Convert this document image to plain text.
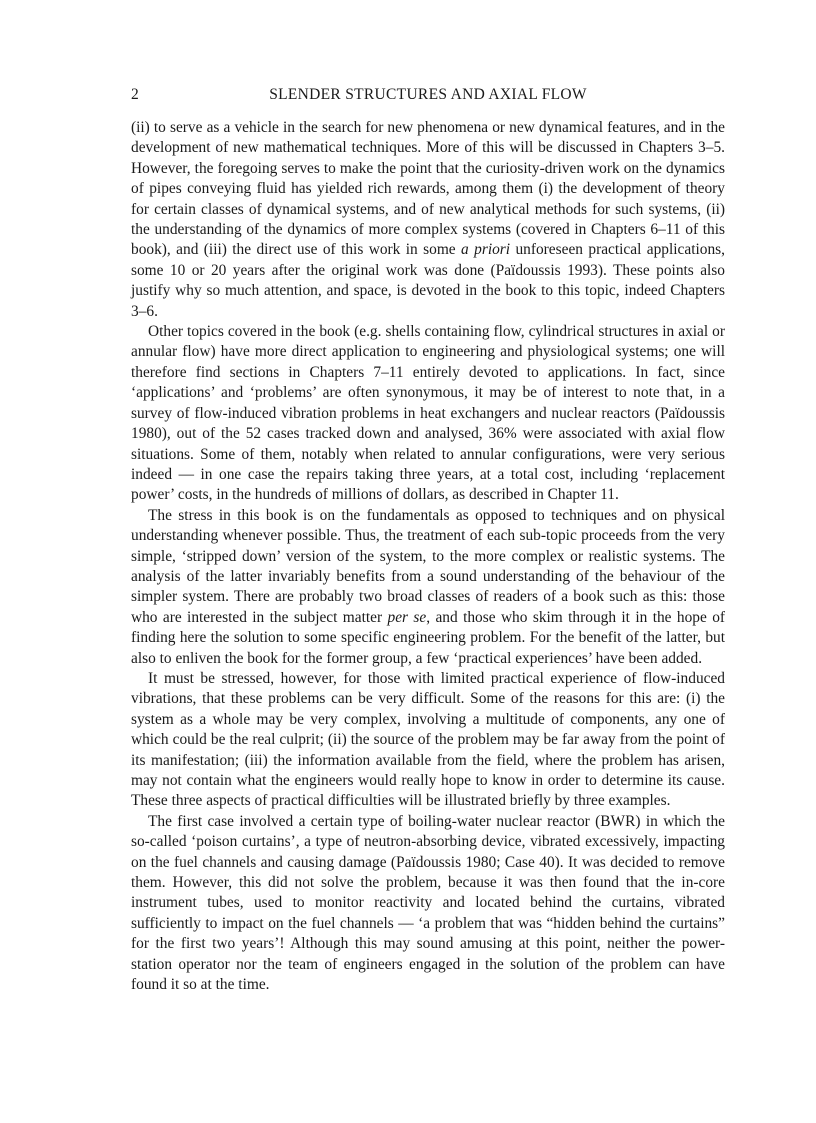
2	SLENDER STRUCTURES AND AXIAL FLOW

(ii) to serve as a vehicle in the search for new phenomena or new dynamical features, and in the development of new mathematical techniques. More of this will be discussed in Chapters 3–5. However, the foregoing serves to make the point that the curiosity-driven work on the dynamics of pipes conveying fluid has yielded rich rewards, among them (i) the development of theory for certain classes of dynamical systems, and of new analytical methods for such systems, (ii) the understanding of the dynamics of more complex systems (covered in Chapters 6–11 of this book), and (iii) the direct use of this work in some a priori unforeseen practical applications, some 10 or 20 years after the original work was done (Païdoussis 1993). These points also justify why so much attention, and space, is devoted in the book to this topic, indeed Chapters 3–6.

Other topics covered in the book (e.g. shells containing flow, cylindrical structures in axial or annular flow) have more direct application to engineering and physiological systems; one will therefore find sections in Chapters 7–11 entirely devoted to applications. In fact, since ‘applications’ and ‘problems’ are often synonymous, it may be of interest to note that, in a survey of flow-induced vibration problems in heat exchangers and nuclear reactors (Païdoussis 1980), out of the 52 cases tracked down and analysed, 36% were associated with axial flow situations. Some of them, notably when related to annular configurations, were very serious indeed — in one case the repairs taking three years, at a total cost, including ‘replacement power’ costs, in the hundreds of millions of dollars, as described in Chapter 11.

The stress in this book is on the fundamentals as opposed to techniques and on physical understanding whenever possible. Thus, the treatment of each sub-topic proceeds from the very simple, ‘stripped down’ version of the system, to the more complex or realistic systems. The analysis of the latter invariably benefits from a sound understanding of the behaviour of the simpler system. There are probably two broad classes of readers of a book such as this: those who are interested in the subject matter per se, and those who skim through it in the hope of finding here the solution to some specific engineering problem. For the benefit of the latter, but also to enliven the book for the former group, a few ‘practical experiences’ have been added.

It must be stressed, however, for those with limited practical experience of flow-induced vibrations, that these problems can be very difficult. Some of the reasons for this are: (i) the system as a whole may be very complex, involving a multitude of components, any one of which could be the real culprit; (ii) the source of the problem may be far away from the point of its manifestation; (iii) the information available from the field, where the problem has arisen, may not contain what the engineers would really hope to know in order to determine its cause. These three aspects of practical difficulties will be illustrated briefly by three examples.

The first case involved a certain type of boiling-water nuclear reactor (BWR) in which the so-called ‘poison curtains’, a type of neutron-absorbing device, vibrated excessively, impacting on the fuel channels and causing damage (Païdoussis 1980; Case 40). It was decided to remove them. However, this did not solve the problem, because it was then found that the in-core instrument tubes, used to monitor reactivity and located behind the curtains, vibrated sufficiently to impact on the fuel channels — ‘a problem that was “hidden behind the curtains” for the first two years’! Although this may sound amusing at this point, neither the power-station operator nor the team of engineers engaged in the solution of the problem can have found it so at the time.
